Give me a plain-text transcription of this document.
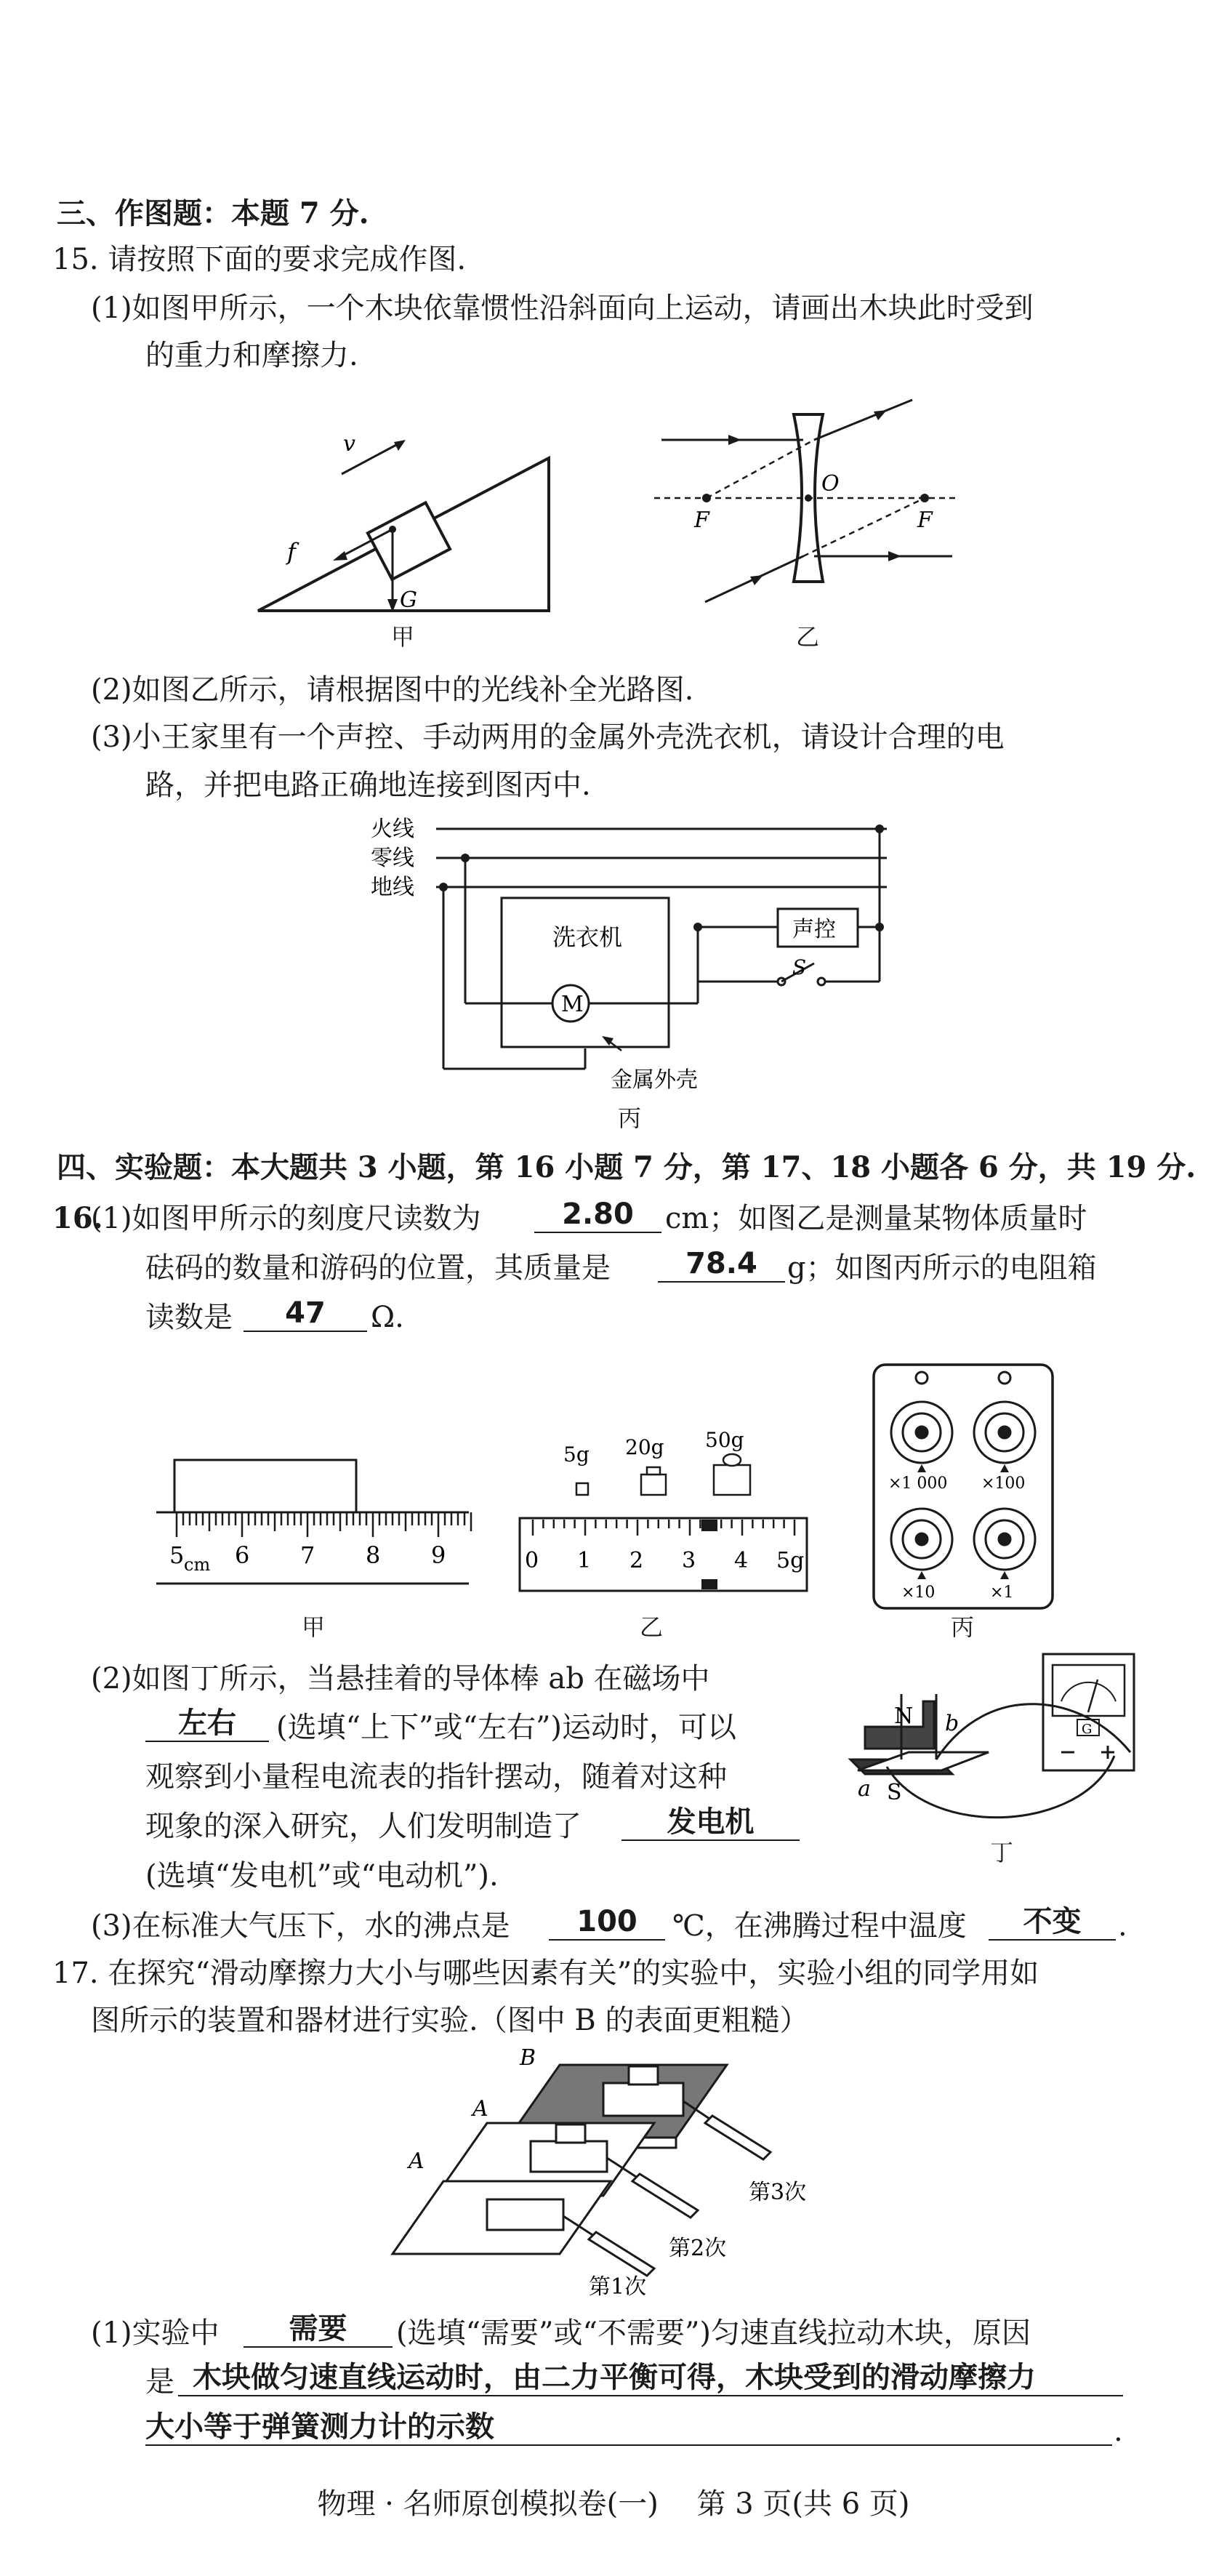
三、作图题：本题 7 分.
15. 请按照下面的要求完成作图.
(1)如图甲所示，一个木块依靠惯性沿斜面向上运动，请画出木块此时受到
的重力和摩擦力.
v
f
G
甲
O
F	F
乙
(2)如图乙所示，请根据图中的光线补全光路图.
(3)小王家里有一个声控、手动两用的金属外壳洗衣机，请设计合理的电
路，并把电路正确地连接到图丙中.
火线
零线
地线
洗衣机
M
声控
S
金属外壳
丙
四、实验题：本大题共 3 小题，第 16 小题 7 分，第 17、18 小题各 6 分，共 19 分.
16.
(1)如图甲所示的刻度尺读数为	2.80	cm；如图乙是测量某物体质量时
砝码的数量和游码的位置，其质量是	78.4	g；如图丙所示的电阻箱
读数是	47	Ω.
5 cm 6 7 8 9
甲
5g 20g 50g
0 1 2 3 4 5g
乙
×1 000 ×100
×10	×1
丙
(2)如图丁所示，当悬挂着的导体棒 ab 在磁场中
左右	(选填“上下”或“左右”)运动时，可以
观察到小量程电流表的指针摆动，随着对这种
现象的深入研究，人们发明制造了	发电机
(选填“发电机”或“电动机”).
G
N
S
a
b
丁
(3)在标准大气压下，水的沸点是	100	℃，在沸腾过程中温度	不变	.
17. 在探究“滑动摩擦力大小与哪些因素有关”的实验中，实验小组的同学用如
图所示的装置和器材进行实验.（图中 B 的表面更粗糙）
B
A
A
第3次
第2次
第1次
(1)实验中	需要	(选填“需要”或“不需要”)匀速直线拉动木块，原因
是 木块做匀速直线运动时，由二力平衡可得，木块受到的滑动摩擦力
大小等于弹簧测力计的示数	.
物理 · 名师原创模拟卷(一)　 第 3 页(共 6 页)
